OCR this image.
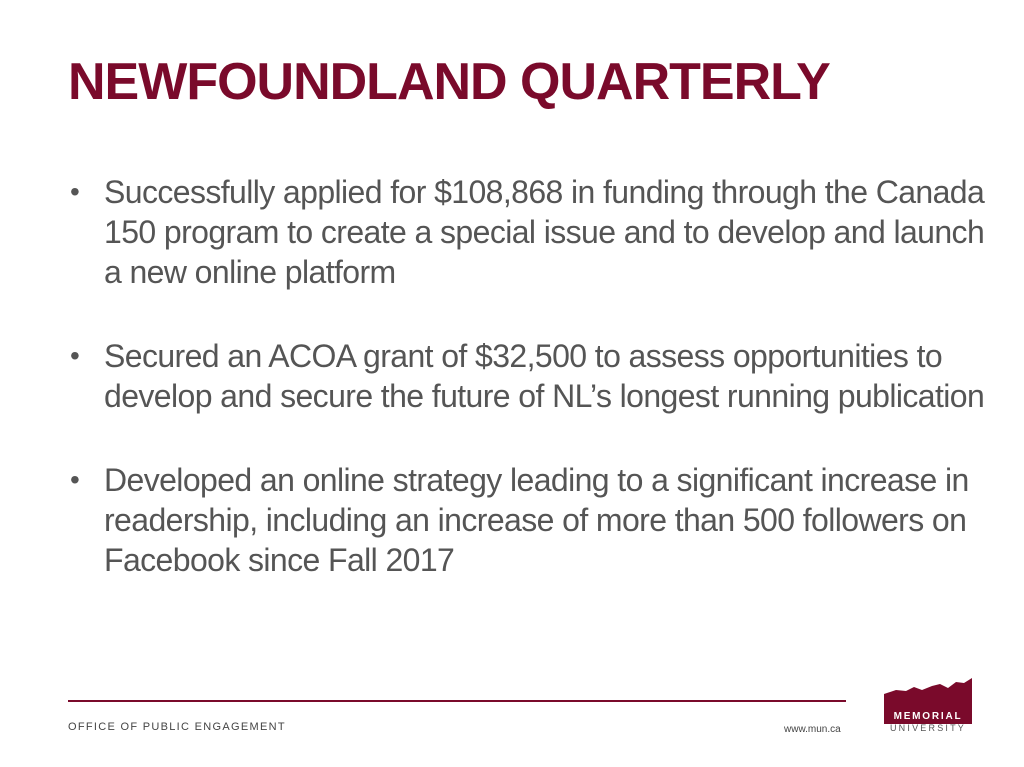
NEWFOUNDLAND QUARTERLY
• Successfully applied for $108,868 in funding through the Canada 150 program to create a special issue and to develop and launch a new online platform
• Secured an ACOA grant of $32,500 to assess opportunities to develop and secure the future of NL’s longest running publication
• Developed an online strategy leading to a significant increase in readership, including an increase of more than 500 followers on Facebook since Fall 2017
OFFICE OF PUBLIC ENGAGEMENT	www.mun.ca
MEMORIAL
UNIVERSITY
